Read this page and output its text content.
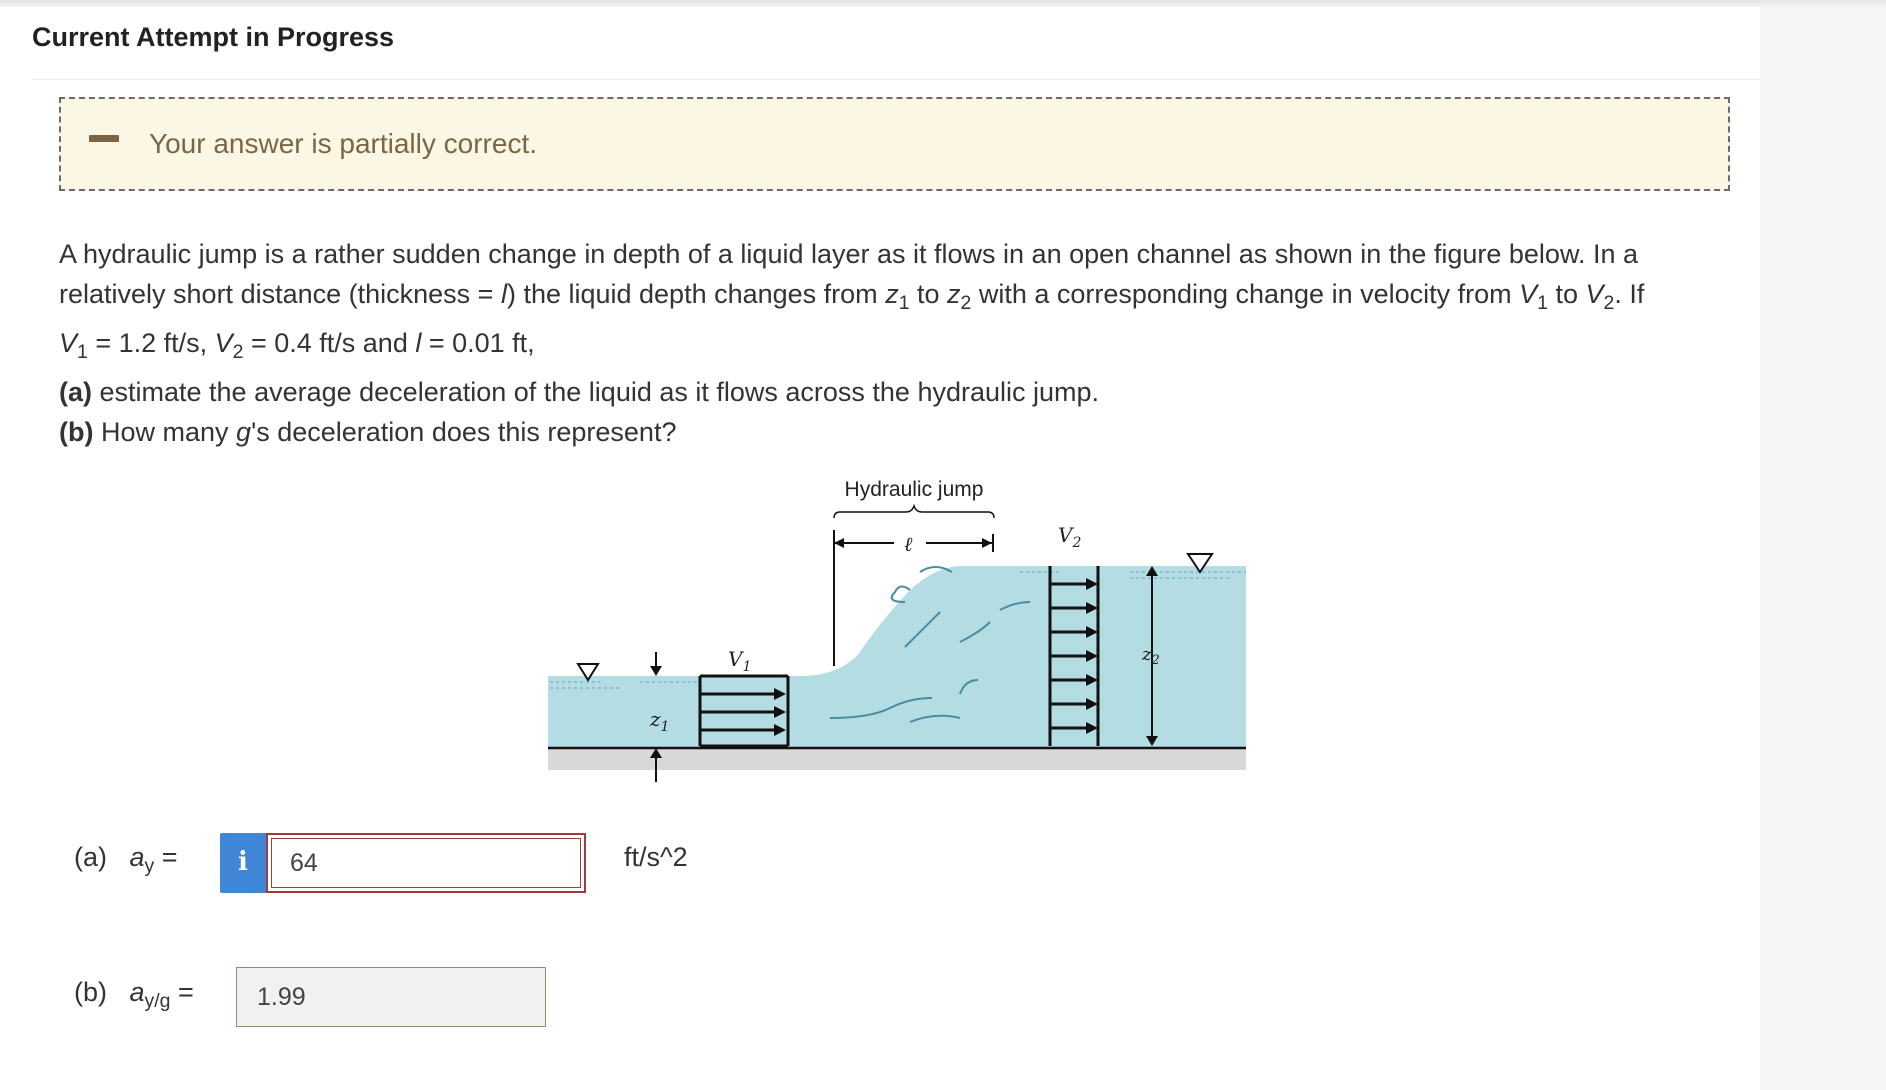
Current Attempt in Progress
Your answer is partially correct.

A hydraulic jump is a rather sudden change in depth of a liquid layer as it flows in an open channel as shown in the figure below. In a

relatively short distance (thickness = l) the liquid depth changes from $z_1$ to $z_2$ with a corresponding change in velocity from $V_1$ to $V_2$. If

$V_1 = 1.2$ ft/s, $V_2 = 0.4$ ft/s and l = 0.01 ft,

(a) estimate the average deceleration of the liquid as it flows across the hydraulic jump.

(b) How many g's deceleration does this represent?

$z_1$
$V_1$
$V_2$
$z_2$
ℓ
Hydraulic jump
(a) $a_y$ =	i	64	ft/s^2
(b) $a_{y/g}$ =	1.99
